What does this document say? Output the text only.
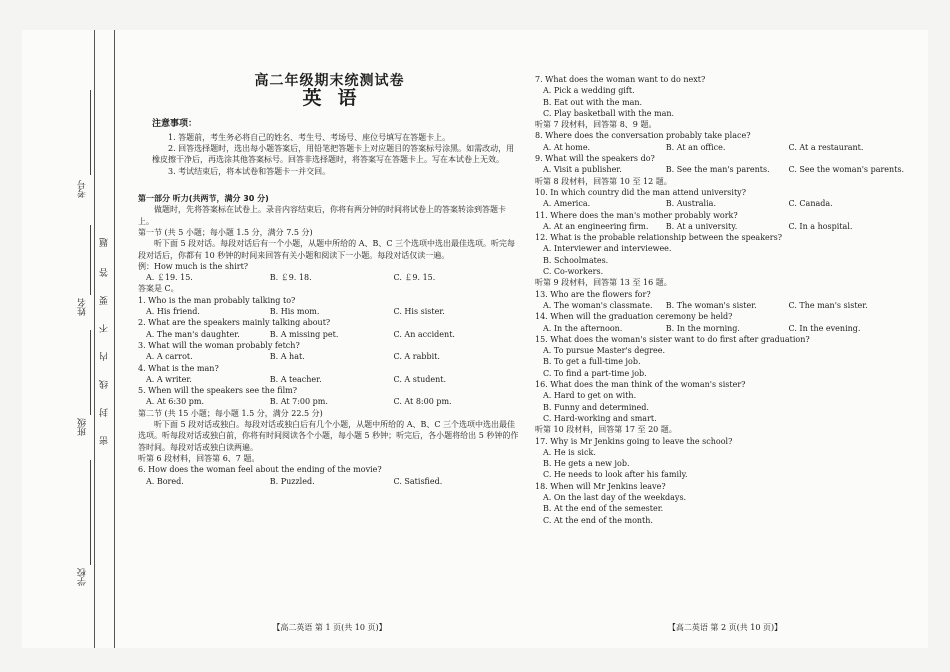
考号
姓名
班级
学校
题
答
要
不
内
线
封
密
高二年级期末统测试卷
英语
注意事项：
1. 答题前，考生务必将自己的姓名、考生号、考场号、座位号填写在答题卡上。
2. 回答选择题时，选出每小题答案后，用铅笔把答题卡上对应题目的答案标号涂黑。如需改动，用橡皮擦干净后，再选涂其他答案标号。回答非选择题时，将答案写在答题卡上。写在本试卷上无效。
3. 考试结束后，将本试卷和答题卡一并交回。
第一部分 听力(共两节，满分 30 分)
做题时，先将答案标在试卷上。录音内容结束后，你将有两分钟的时间将试卷上的答案转涂到答题卡上。
第一节 (共 5 小题；每小题 1.5 分，满分 7.5 分)
听下面 5 段对话。每段对话后有一个小题，从题中所给的 A、B、C 三个选项中选出最佳选项。听完每段对话后，你都有 10 秒钟的时间来回答有关小题和阅读下一小题。每段对话仅读一遍。
例：How much is the shirt?
A. ￡19. 15.	B. ￡9. 18.	C. ￡9. 15.
答案是 C。
1. Who is the man probably talking to?
A. His friend.	B. His mom.	C. His sister.
2. What are the speakers mainly talking about?
A. The man's daughter.	B. A missing pet.	C. An accident.
3. What will the woman probably fetch?
A. A carrot.	B. A hat.	C. A rabbit.
4. What is the man?
A. A writer.	B. A teacher.	C. A student.
5. When will the speakers see the film?
A. At 6:30 pm.	B. At 7:00 pm.	C. At 8:00 pm.
第二节 (共 15 小题；每小题 1.5 分，满分 22.5 分)
听下面 5 段对话或独白。每段对话或独白后有几个小题，从题中所给的 A、B、C 三个选项中选出最佳选项。听每段对话或独白前，你将有时间阅读各个小题，每小题 5 秒钟；听完后，各小题将给出 5 秒钟的作答时间。每段对话或独白读两遍。
听第 6 段材料，回答第 6、7 题。
6. How does the woman feel about the ending of the movie?
A. Bored.	B. Puzzled.	C. Satisfied.
7. What does the woman want to do next?
A. Pick a wedding gift.
B. Eat out with the man.
C. Play basketball with the man.
听第 7 段材料，回答第 8、9 题。
8. Where does the conversation probably take place?
A. At home.	B. At an office.	C. At a restaurant.
9. What will the speakers do?
A. Visit a publisher.	B. See the man's parents.	C. See the woman's parents.
听第 8 段材料，回答第 10 至 12 题。
10. In which country did the man attend university?
A. America.	B. Australia.	C. Canada.
11. Where does the man's mother probably work?
A. At an engineering firm.	B. At a university.	C. In a hospital.
12. What is the probable relationship between the speakers?
A. Interviewer and interviewee.
B. Schoolmates.
C. Co-workers.
听第 9 段材料，回答第 13 至 16 题。
13. Who are the flowers for?
A. The woman's classmate.	B. The woman's sister.	C. The man's sister.
14. When will the graduation ceremony be held?
A. In the afternoon.	B. In the morning.	C. In the evening.
15. What does the woman's sister want to do first after graduation?
A. To pursue Master's degree.
B. To get a full-time job.
C. To find a part-time job.
16. What does the man think of the woman's sister?
A. Hard to get on with.
B. Funny and determined.
C. Hard-working and smart.
听第 10 段材料，回答第 17 至 20 题。
17. Why is Mr Jenkins going to leave the school?
A. He is sick.
B. He gets a new job.
C. He needs to look after his family.
18. When will Mr Jenkins leave?
A. On the last day of the weekdays.
B. At the end of the semester.
C. At the end of the month.
【高二英语 第 1 页(共 10 页)】	【高二英语 第 2 页(共 10 页)】
